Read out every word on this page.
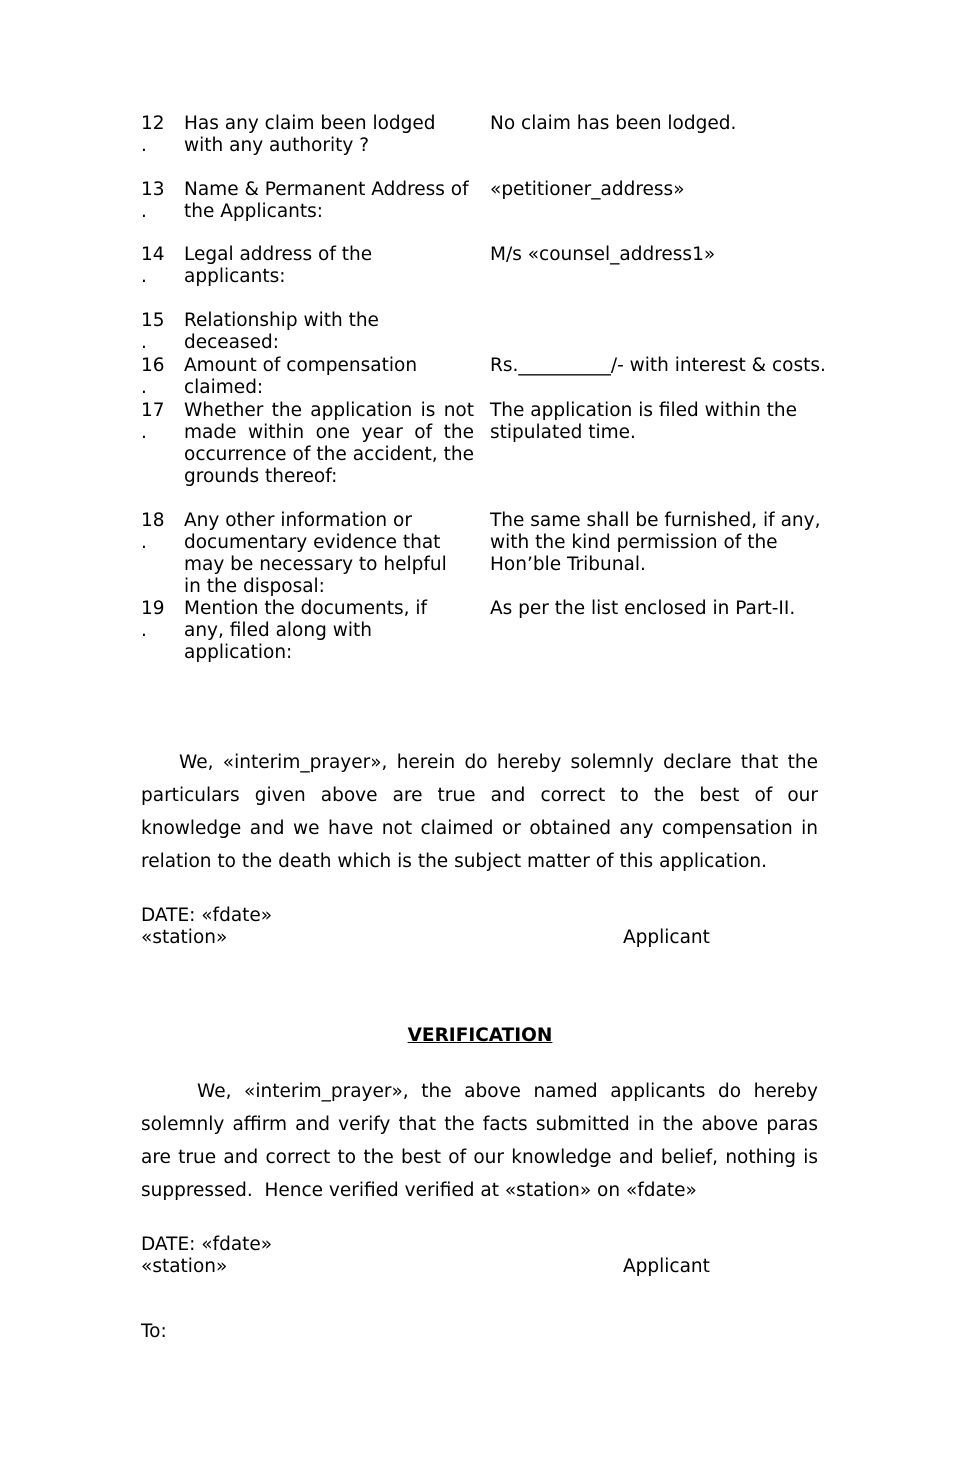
12
.
Has any claim been lodged with any authority ?
No claim has been lodged.
13
.
Name & Permanent Address of the Applicants:
«petitioner_address»
14
.
Legal address of the applicants:
M/s «counsel_address1»
15
.
Relationship with the deceased:
16
.
Amount of compensation claimed:
Rs.__________/- with interest & costs.
17
.
Whether the application is not made within one year of the occurrence of the accident, the grounds thereof:
The application is filed within the stipulated time.
18
.
Any other information or documentary evidence that may be necessary to helpful in the disposal:
The same shall be furnished, if any, with the kind permission of the Hon’ble Tribunal.
19
.
Mention the documents, if any, filed along with application:
As per the list enclosed in Part-II.
We, «interim_prayer», herein do hereby solemnly declare that the
particulars given above are true and correct to the best of our
knowledge and we have not claimed or obtained any compensation in
relation to the death which is the subject matter of this application.
DATE: «fdate»
«station»	Applicant
VERIFICATION
We, «interim_prayer», the above named applicants do hereby
solemnly affirm and verify that the facts submitted in the above paras
are true and correct to the best of our knowledge and belief, nothing is
suppressed.  Hence verified verified at «station» on «fdate»
DATE: «fdate»
«station»	Applicant
To:
